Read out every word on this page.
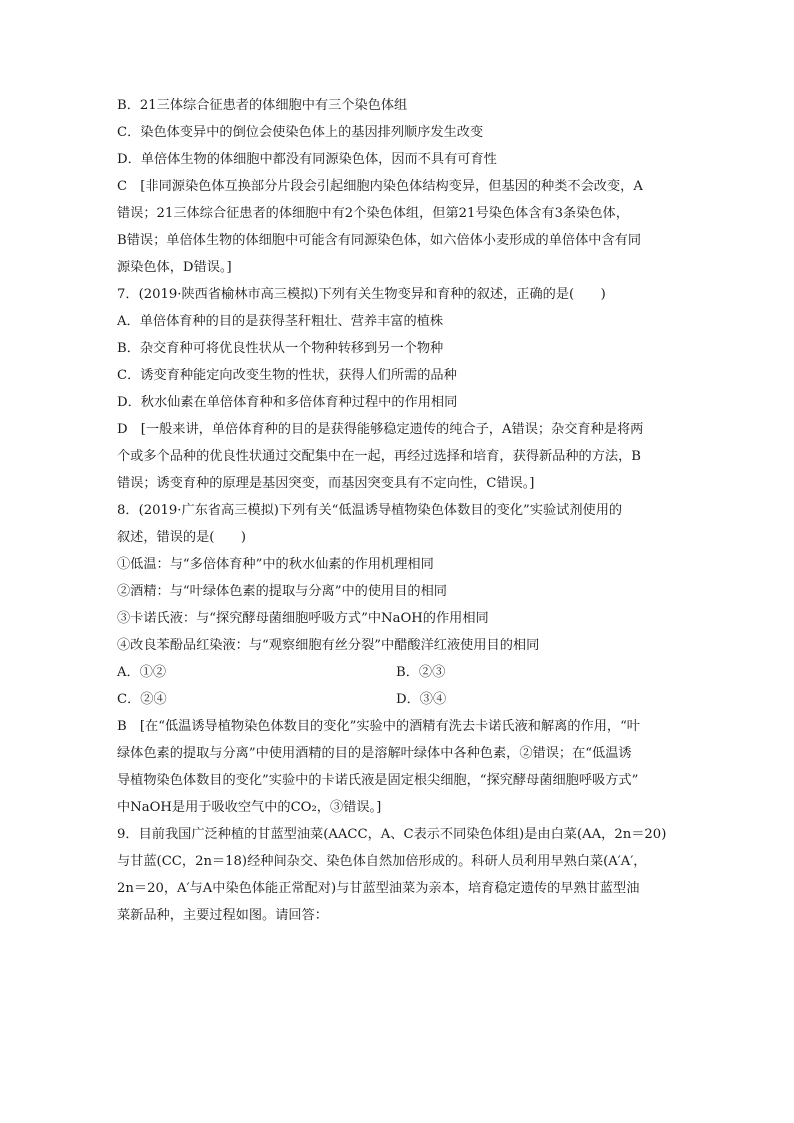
B．21三体综合征患者的体细胞中有三个染色体组
C．染色体变异中的倒位会使染色体上的基因排列顺序发生改变
D．单倍体生物的体细胞中都没有同源染色体，因而不具有可育性
C　[非同源染色体互换部分片段会引起细胞内染色体结构变异，但基因的种类不会改变，A
错误；21三体综合征患者的体细胞中有2个染色体组，但第21号染色体含有3条染色体，
B错误；单倍体生物的体细胞中可能含有同源染色体，如六倍体小麦形成的单倍体中含有同
源染色体，D错误。]
7．(2019·陕西省榆林市高三模拟)下列有关生物变异和育种的叙述，正确的是(　　)
A．单倍体育种的目的是获得茎秆粗壮、营养丰富的植株
B．杂交育种可将优良性状从一个物种转移到另一个物种
C．诱变育种能定向改变生物的性状，获得人们所需的品种
D．秋水仙素在单倍体育种和多倍体育种过程中的作用相同
D　[一般来讲，单倍体育种的目的是获得能够稳定遗传的纯合子，A错误；杂交育种是将两
个或多个品种的优良性状通过交配集中在一起，再经过选择和培育，获得新品种的方法，B
错误；诱变育种的原理是基因突变，而基因突变具有不定向性，C错误。]
8．(2019·广东省高三模拟)下列有关“低温诱导植物染色体数目的变化”实验试剂使用的
叙述，错误的是(　　)
①低温：与“多倍体育种”中的秋水仙素的作用机理相同
②酒精：与“叶绿体色素的提取与分离”中的使用目的相同
③卡诺氏液：与“探究酵母菌细胞呼吸方式”中NaOH的作用相同
④改良苯酚品红染液：与“观察细胞有丝分裂”中醋酸洋红液使用目的相同
A．①②	B．②③
C．②④	D．③④
B　[在“低温诱导植物染色体数目的变化”实验中的酒精有洗去卡诺氏液和解离的作用，“叶
绿体色素的提取与分离”中使用酒精的目的是溶解叶绿体中各种色素，②错误；在“低温诱
导植物染色体数目的变化”实验中的卡诺氏液是固定根尖细胞，“探究酵母菌细胞呼吸方式”
中NaOH是用于吸收空气中的CO₂，③错误。]
9．目前我国广泛种植的甘蓝型油菜(AACC，A、C表示不同染色体组)是由白菜(AA，2n＝20)
与甘蓝(CC，2n＝18)经种间杂交、染色体自然加倍形成的。科研人员利用早熟白菜(A′A′，
2n＝20，A′与A中染色体能正常配对)与甘蓝型油菜为亲本，培育稳定遗传的早熟甘蓝型油
菜新品种，主要过程如图。请回答：
